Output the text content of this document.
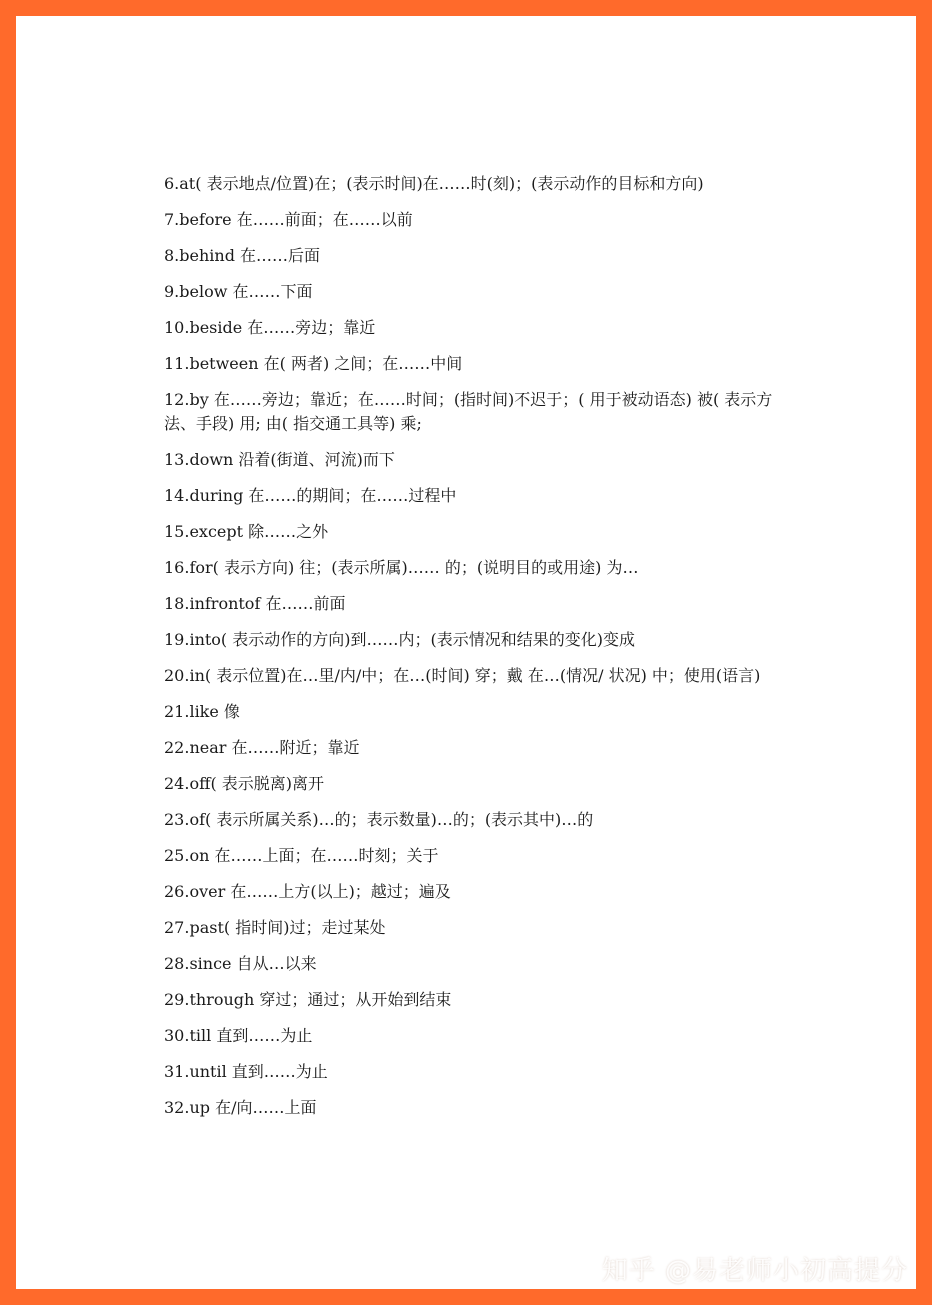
6.at( 表示地点/位置)在；(表示时间)在……时(刻)；(表示动作的目标和方向)

7.before 在……前面；在……以前

8.behind 在……后面

9.below 在……下面

10.beside 在……旁边；靠近

11.between 在( 两者) 之间；在……中间

12.by 在……旁边；靠近；在……时间；(指时间)不迟于；( 用于被动语态) 被( 表示方法、手段) 用; 由( 指交通工具等) 乘;

13.down 沿着(街道、河流)而下

14.during 在……的期间；在……过程中

15.except 除……之外

16.for( 表示方向) 往；(表示所属)…… 的；(说明目的或用途) 为…

18.infrontof 在……前面

19.into( 表示动作的方向)到……内；(表示情况和结果的变化)变成

20.in( 表示位置)在…里/内/中；在…(时间) 穿；戴 在…(情况/ 状况) 中；使用(语言)

21.like 像

22.near 在……附近；靠近

24.off( 表示脱离)离开

23.of( 表示所属关系)…的；表示数量)…的；(表示其中)…的

25.on 在……上面；在……时刻；关于

26.over 在……上方(以上)；越过；遍及

27.past( 指时间)过；走过某处

28.since 自从…以来

29.through 穿过；通过；从开始到结束

30.till 直到……为止

31.until 直到……为止

32.up 在/向……上面

知乎 @易老师小初高提分
